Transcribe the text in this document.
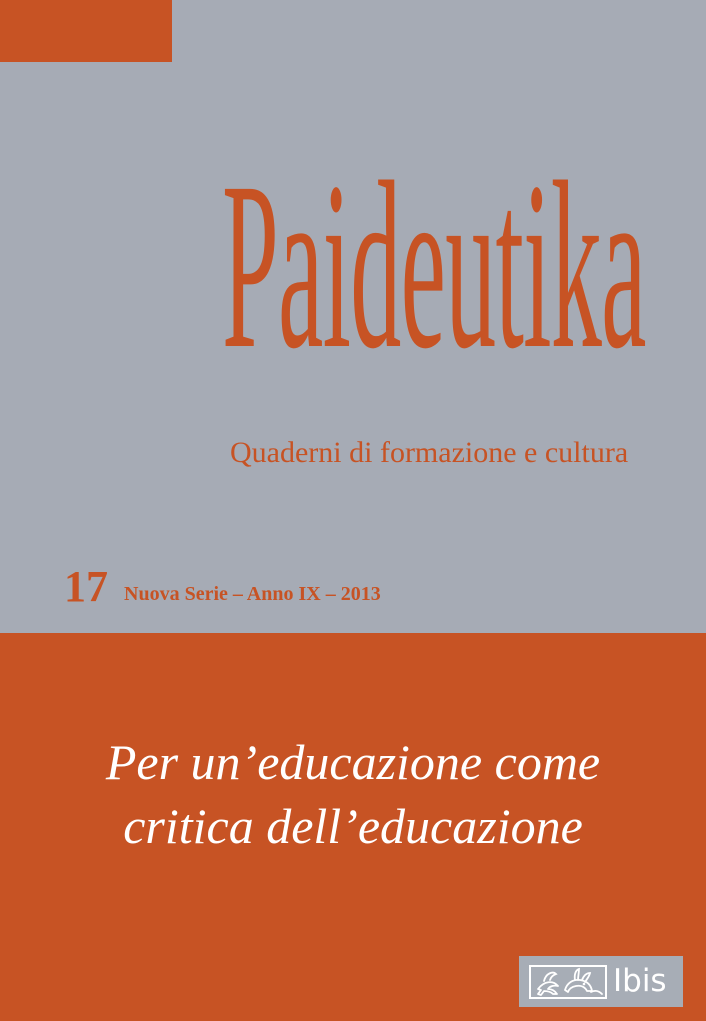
Paideutika
Quaderni di formazione e cultura
17 Nuova Serie – Anno IX – 2013
Per un’educazione come
critica dell’educazione
Ibis
